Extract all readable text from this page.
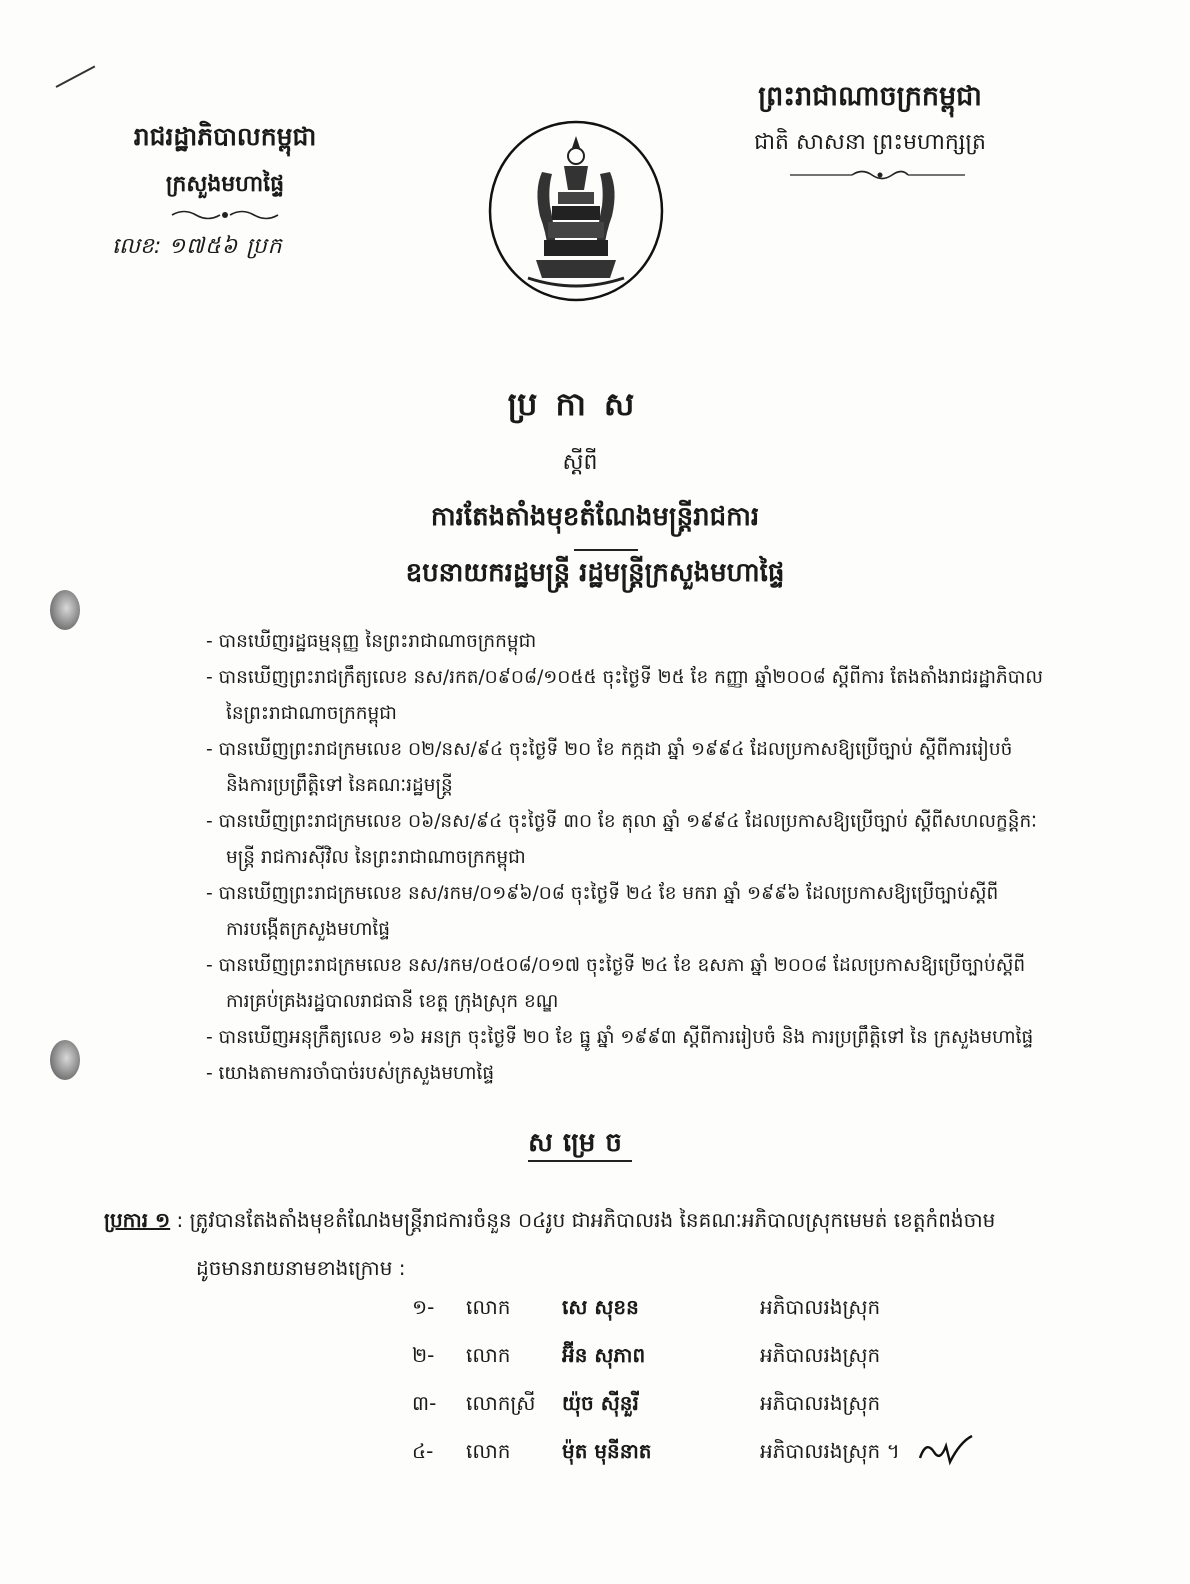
រាជរដ្ឋាភិបាលកម្ពុជា
ក្រសួងមហាផ្ទៃ
លេខ: ១៧៥៦ ប្រក
ព្រះរាជាណាចក្រកម្ពុជា
ជាតិ សាសនា ព្រះមហាក្សត្រ
ប្រកាស
ស្តីពី
ការតែងតាំងមុខតំណែងមន្ត្រីរាជការ
ឧបនាយករដ្ឋមន្ត្រី រដ្ឋមន្ត្រីក្រសួងមហាផ្ទៃ
- បានឃើញរដ្ឋធម្មនុញ្ញ នៃព្រះរាជាណាចក្រកម្ពុជា
- បានឃើញព្រះរាជក្រឹត្យលេខ នស/រកត/០៩០៨/១០៥៥ ចុះថ្ងៃទី ២៥ ខែ កញ្ញា ឆ្នាំ២០០៨ ស្តីពីការ តែងតាំងរាជរដ្ឋាភិបាល
នៃព្រះរាជាណាចក្រកម្ពុជា
- បានឃើញព្រះរាជក្រមលេខ ០២/នស/៩៤ ចុះថ្ងៃទី ២០ ខែ កក្កដា ឆ្នាំ ១៩៩៤ ដែលប្រកាសឱ្យប្រើច្បាប់ ស្តីពីការរៀបចំ
និងការប្រព្រឹត្តិទៅ នៃគណៈរដ្ឋមន្ត្រី
- បានឃើញព្រះរាជក្រមលេខ ០៦/នស/៩៤ ចុះថ្ងៃទី ៣០ ខែ តុលា ឆ្នាំ ១៩៩៤ ដែលប្រកាសឱ្យប្រើច្បាប់ ស្តីពីសហលក្ខន្តិកៈ
មន្ត្រី រាជការស៊ីវិល នៃព្រះរាជាណាចក្រកម្ពុជា
- បានឃើញព្រះរាជក្រមលេខ នស/រកម/០១៩៦/០៨ ចុះថ្ងៃទី ២៤ ខែ មករា ឆ្នាំ ១៩៩៦ ដែលប្រកាសឱ្យប្រើច្បាប់ស្តីពី
ការបង្កើតក្រសួងមហាផ្ទៃ
- បានឃើញព្រះរាជក្រមលេខ នស/រកម/០៥០៨/០១៧ ចុះថ្ងៃទី ២៤ ខែ ឧសភា ឆ្នាំ ២០០៨ ដែលប្រកាសឱ្យប្រើច្បាប់ស្តីពី
ការគ្រប់គ្រងរដ្ឋបាលរាជធានី ខេត្ត ក្រុងស្រុក ខណ្ឌ
- បានឃើញអនុក្រឹត្យលេខ ១៦ អនក្រ ចុះថ្ងៃទី ២០ ខែ ធ្នូ ឆ្នាំ ១៩៩៣ ស្តីពីការរៀបចំ និង ការប្រព្រឹត្តិទៅ នៃ ក្រសួងមហាផ្ទៃ
- យោងតាមការចាំបាច់របស់ក្រសួងមហាផ្ទៃ
សម្រេច
ប្រការ ១ : ត្រូវបានតែងតាំងមុខតំណែងមន្ត្រីរាជការចំនួន ០៤រូប ជាអភិបាលរង នៃគណៈអភិបាលស្រុកមេមត់ ខេត្តកំពង់ចាម
ដូចមានរាយនាមខាងក្រោម :
១-	លោក	សេ សុខន	អភិបាលរងស្រុក
២-	លោក	អ៊ីន សុភាព	អភិបាលរងស្រុក
៣-	លោកស្រី យ៉ុច ស៊ីនួរី	អភិបាលរងស្រុក
៤-	លោក	ម៉ុត មុនីនាត	អភិបាលរងស្រុក ។
